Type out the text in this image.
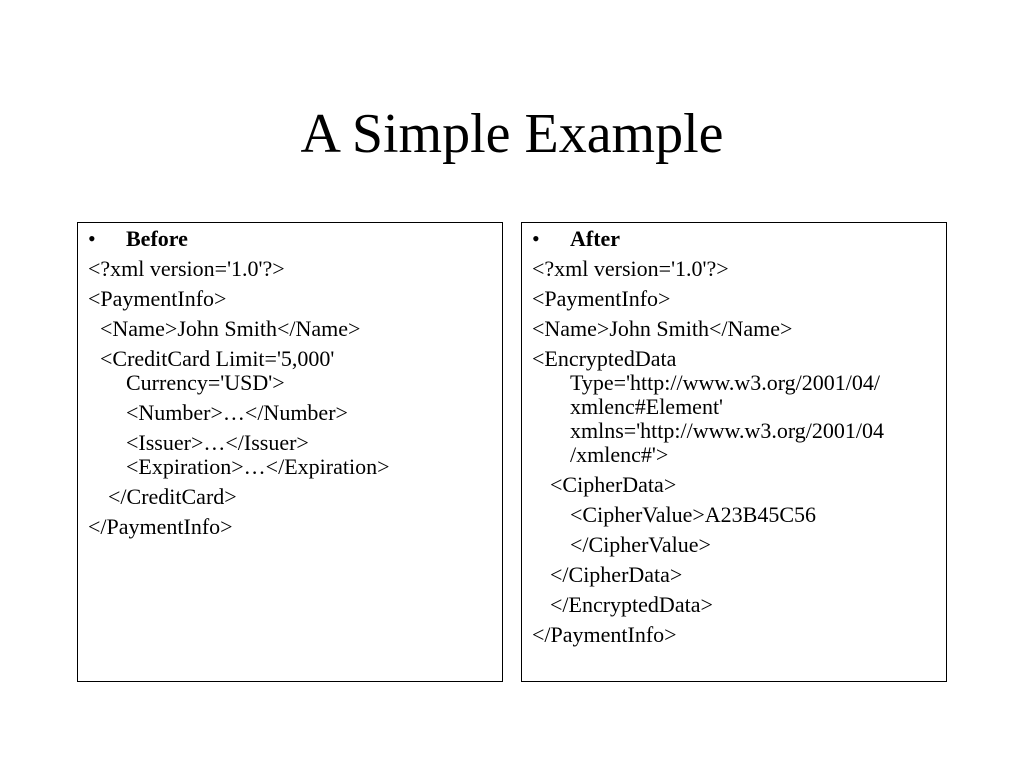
A Simple Example
• Before
<?xml version='1.0'?>
<PaymentInfo>
<Name>John Smith</Name>
<CreditCard Limit='5,000' Currency='USD'>
<Number>…</Number>
<Issuer>…</Issuer>
<Expiration>…</Expiration>
</CreditCard>
</PaymentInfo>
• After
<?xml version='1.0'?>
<PaymentInfo>
<Name>John Smith</Name>
<EncryptedData
Type='http://www.w3.org/2001/04/
xmlenc#Element'
xmlns='http://www.w3.org/2001/04
/xmlenc#'>
<CipherData>
<CipherValue>A23B45C56
</CipherValue>
</CipherData>
</EncryptedData>
</PaymentInfo>
